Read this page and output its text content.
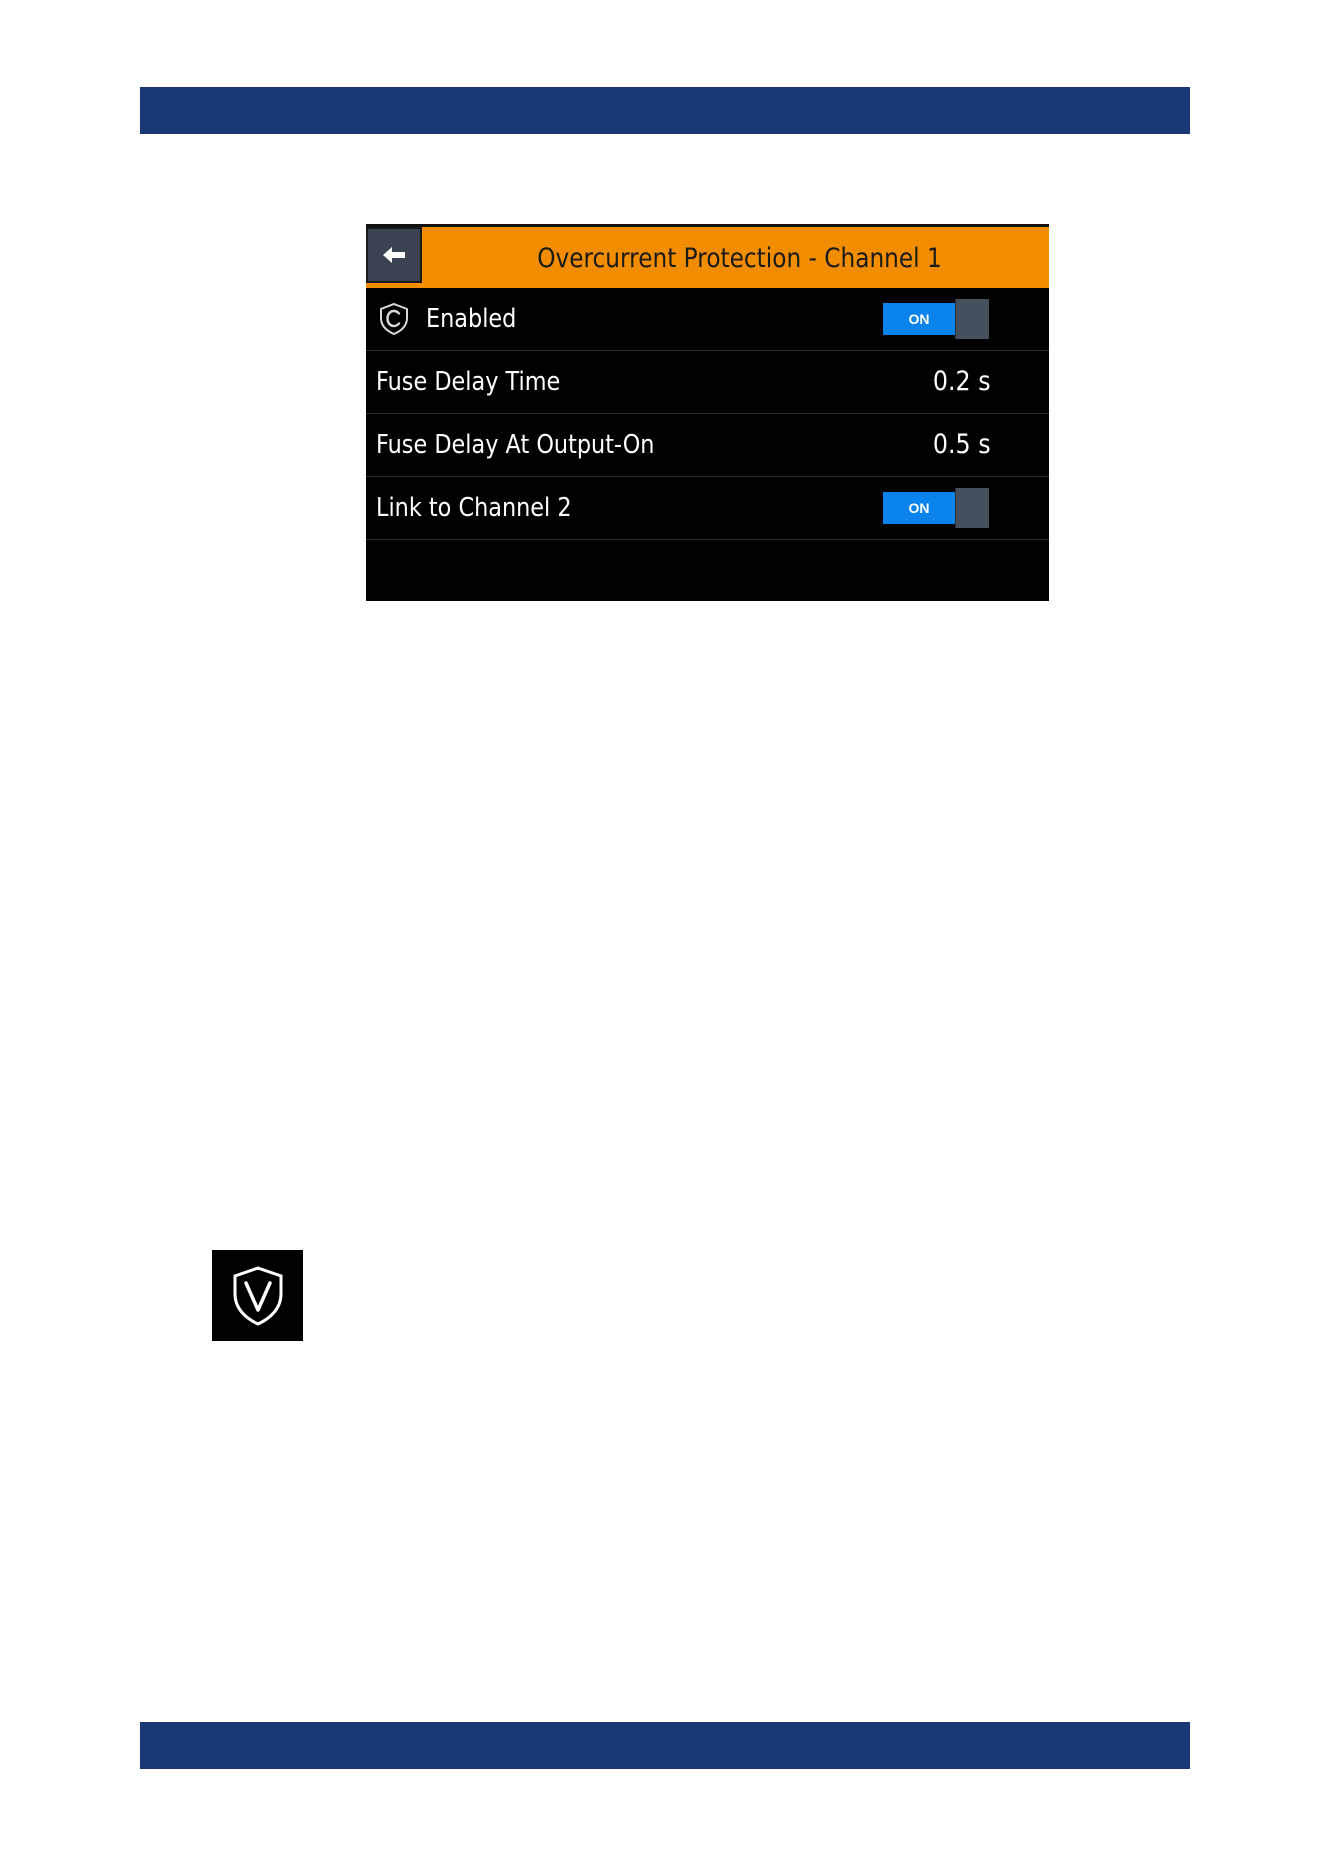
Overcurrent Protection - Channel 1
Enabled	ON
Fuse Delay Time	0.2 s
Fuse Delay At Output-On	0.5 s
Link to Channel 2	ON
